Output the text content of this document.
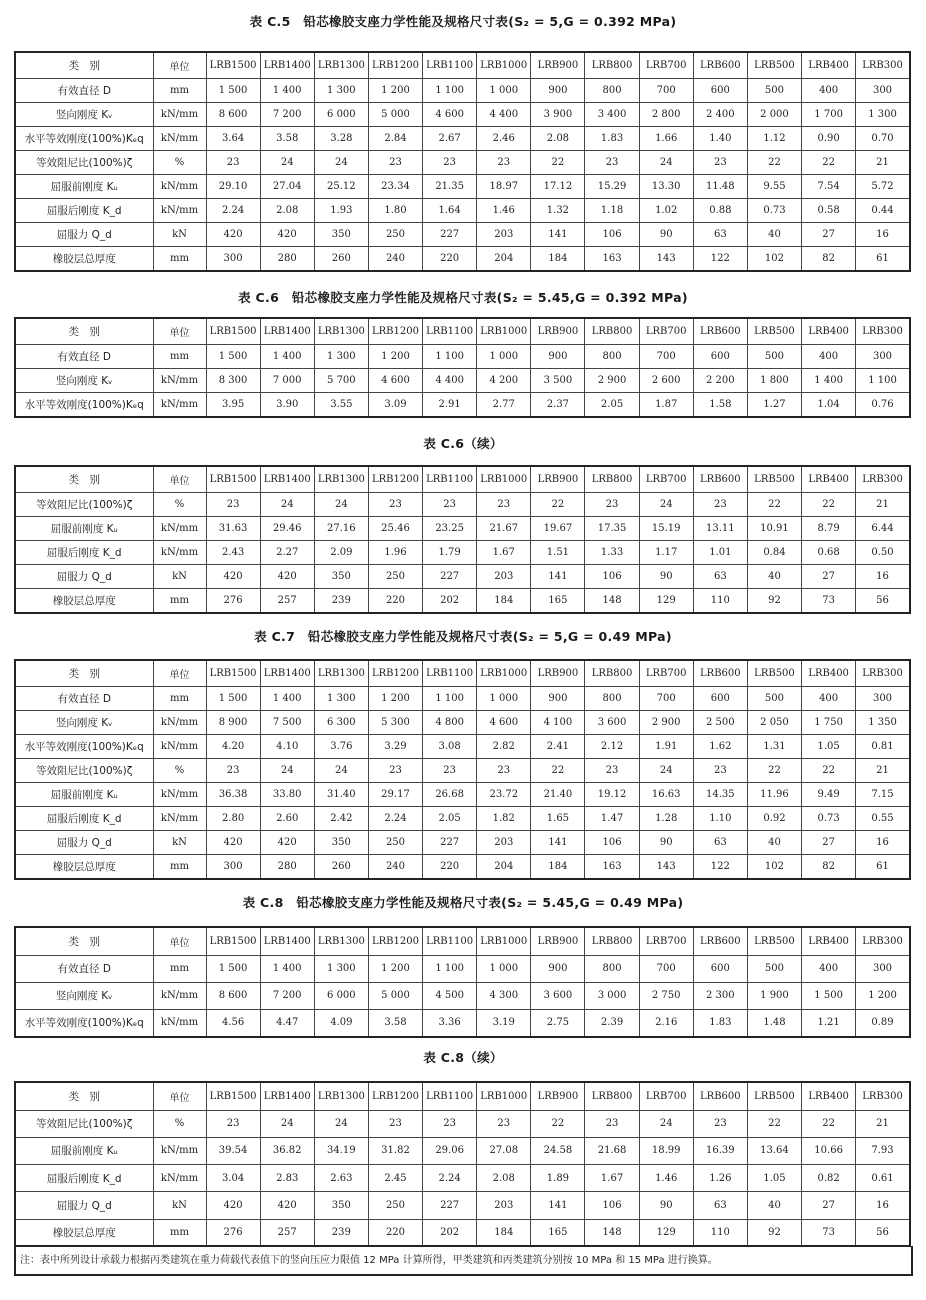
表 C.5　铅芯橡胶支座力学性能及规格尺寸表(S₂ = 5,G = 0.392 MPa)
类　别	单位	LRB1500	LRB1400	LRB1300	LRB1200	LRB1100	LRB1000	LRB900	LRB800	LRB700	LRB600	LRB500	LRB400	LRB300
有效直径 D	mm	1 500	1 400	1 300	1 200	1 100	1 000	900	800	700	600	500	400	300
竖向刚度 Kᵥ	kN/mm	8 600	7 200	6 000	5 000	4 600	4 400	3 900	3 400	2 800	2 400	2 000	1 700	1 300
水平等效刚度(100%)Kₑq	kN/mm	3.64	3.58	3.28	2.84	2.67	2.46	2.08	1.83	1.66	1.40	1.12	0.90	0.70
等效阻尼比(100%)ζ	%	23	24	24	23	23	23	22	23	24	23	22	22	21
屈服前刚度 Kᵤ	kN/mm	29.10	27.04	25.12	23.34	21.35	18.97	17.12	15.29	13.30	11.48	9.55	7.54	5.72
屈服后刚度 K_d	kN/mm	2.24	2.08	1.93	1.80	1.64	1.46	1.32	1.18	1.02	0.88	0.73	0.58	0.44
屈服力 Q_d	kN	420	420	350	250	227	203	141	106	90	63	40	27	16
橡胶层总厚度	mm	300	280	260	240	220	204	184	163	143	122	102	82	61
表 C.6　铅芯橡胶支座力学性能及规格尺寸表(S₂ = 5.45,G = 0.392 MPa)
类　别	单位	LRB1500	LRB1400	LRB1300	LRB1200	LRB1100	LRB1000	LRB900	LRB800	LRB700	LRB600	LRB500	LRB400	LRB300
有效直径 D	mm	1 500	1 400	1 300	1 200	1 100	1 000	900	800	700	600	500	400	300
竖向刚度 Kᵥ	kN/mm	8 300	7 000	5 700	4 600	4 400	4 200	3 500	2 900	2 600	2 200	1 800	1 400	1 100
水平等效刚度(100%)Kₑq	kN/mm	3.95	3.90	3.55	3.09	2.91	2.77	2.37	2.05	1.87	1.58	1.27	1.04	0.76
表 C.6（续）
类　别	单位	LRB1500	LRB1400	LRB1300	LRB1200	LRB1100	LRB1000	LRB900	LRB800	LRB700	LRB600	LRB500	LRB400	LRB300
等效阻尼比(100%)ζ	%	23	24	24	23	23	23	22	23	24	23	22	22	21
屈服前刚度 Kᵤ	kN/mm	31.63	29.46	27.16	25.46	23.25	21.67	19.67	17.35	15.19	13.11	10.91	8.79	6.44
屈服后刚度 K_d	kN/mm	2.43	2.27	2.09	1.96	1.79	1.67	1.51	1.33	1.17	1.01	0.84	0.68	0.50
屈服力 Q_d	kN	420	420	350	250	227	203	141	106	90	63	40	27	16
橡胶层总厚度	mm	276	257	239	220	202	184	165	148	129	110	92	73	56
表 C.7　铅芯橡胶支座力学性能及规格尺寸表(S₂ = 5,G = 0.49 MPa)
类　别	单位	LRB1500	LRB1400	LRB1300	LRB1200	LRB1100	LRB1000	LRB900	LRB800	LRB700	LRB600	LRB500	LRB400	LRB300
有效直径 D	mm	1 500	1 400	1 300	1 200	1 100	1 000	900	800	700	600	500	400	300
竖向刚度 Kᵥ	kN/mm	8 900	7 500	6 300	5 300	4 800	4 600	4 100	3 600	2 900	2 500	2 050	1 750	1 350
水平等效刚度(100%)Kₑq	kN/mm	4.20	4.10	3.76	3.29	3.08	2.82	2.41	2.12	1.91	1.62	1.31	1.05	0.81
等效阻尼比(100%)ζ	%	23	24	24	23	23	23	22	23	24	23	22	22	21
屈服前刚度 Kᵤ	kN/mm	36.38	33.80	31.40	29.17	26.68	23.72	21.40	19.12	16.63	14.35	11.96	9.49	7.15
屈服后刚度 K_d	kN/mm	2.80	2.60	2.42	2.24	2.05	1.82	1.65	1.47	1.28	1.10	0.92	0.73	0.55
屈服力 Q_d	kN	420	420	350	250	227	203	141	106	90	63	40	27	16
橡胶层总厚度	mm	300	280	260	240	220	204	184	163	143	122	102	82	61
表 C.8　铅芯橡胶支座力学性能及规格尺寸表(S₂ = 5.45,G = 0.49 MPa)
类　别	单位	LRB1500	LRB1400	LRB1300	LRB1200	LRB1100	LRB1000	LRB900	LRB800	LRB700	LRB600	LRB500	LRB400	LRB300
有效直径 D	mm	1 500	1 400	1 300	1 200	1 100	1 000	900	800	700	600	500	400	300
竖向刚度 Kᵥ	kN/mm	8 600	7 200	6 000	5 000	4 500	4 300	3 600	3 000	2 750	2 300	1 900	1 500	1 200
水平等效刚度(100%)Kₑq	kN/mm	4.56	4.47	4.09	3.58	3.36	3.19	2.75	2.39	2.16	1.83	1.48	1.21	0.89
表 C.8（续）
类　别	单位	LRB1500	LRB1400	LRB1300	LRB1200	LRB1100	LRB1000	LRB900	LRB800	LRB700	LRB600	LRB500	LRB400	LRB300
等效阻尼比(100%)ζ	%	23	24	24	23	23	23	22	23	24	23	22	22	21
屈服前刚度 Kᵤ	kN/mm	39.54	36.82	34.19	31.82	29.06	27.08	24.58	21.68	18.99	16.39	13.64	10.66	7.93
屈服后刚度 K_d	kN/mm	3.04	2.83	2.63	2.45	2.24	2.08	1.89	1.67	1.46	1.26	1.05	0.82	0.61
屈服力 Q_d	kN	420	420	350	250	227	203	141	106	90	63	40	27	16
橡胶层总厚度	mm	276	257	239	220	202	184	165	148	129	110	92	73	56
注：表中所列设计承载力根据丙类建筑在重力荷载代表值下的竖向压应力限值 12 MPa 计算所得，甲类建筑和丙类建筑分别按 10 MPa 和 15 MPa 进行换算。
